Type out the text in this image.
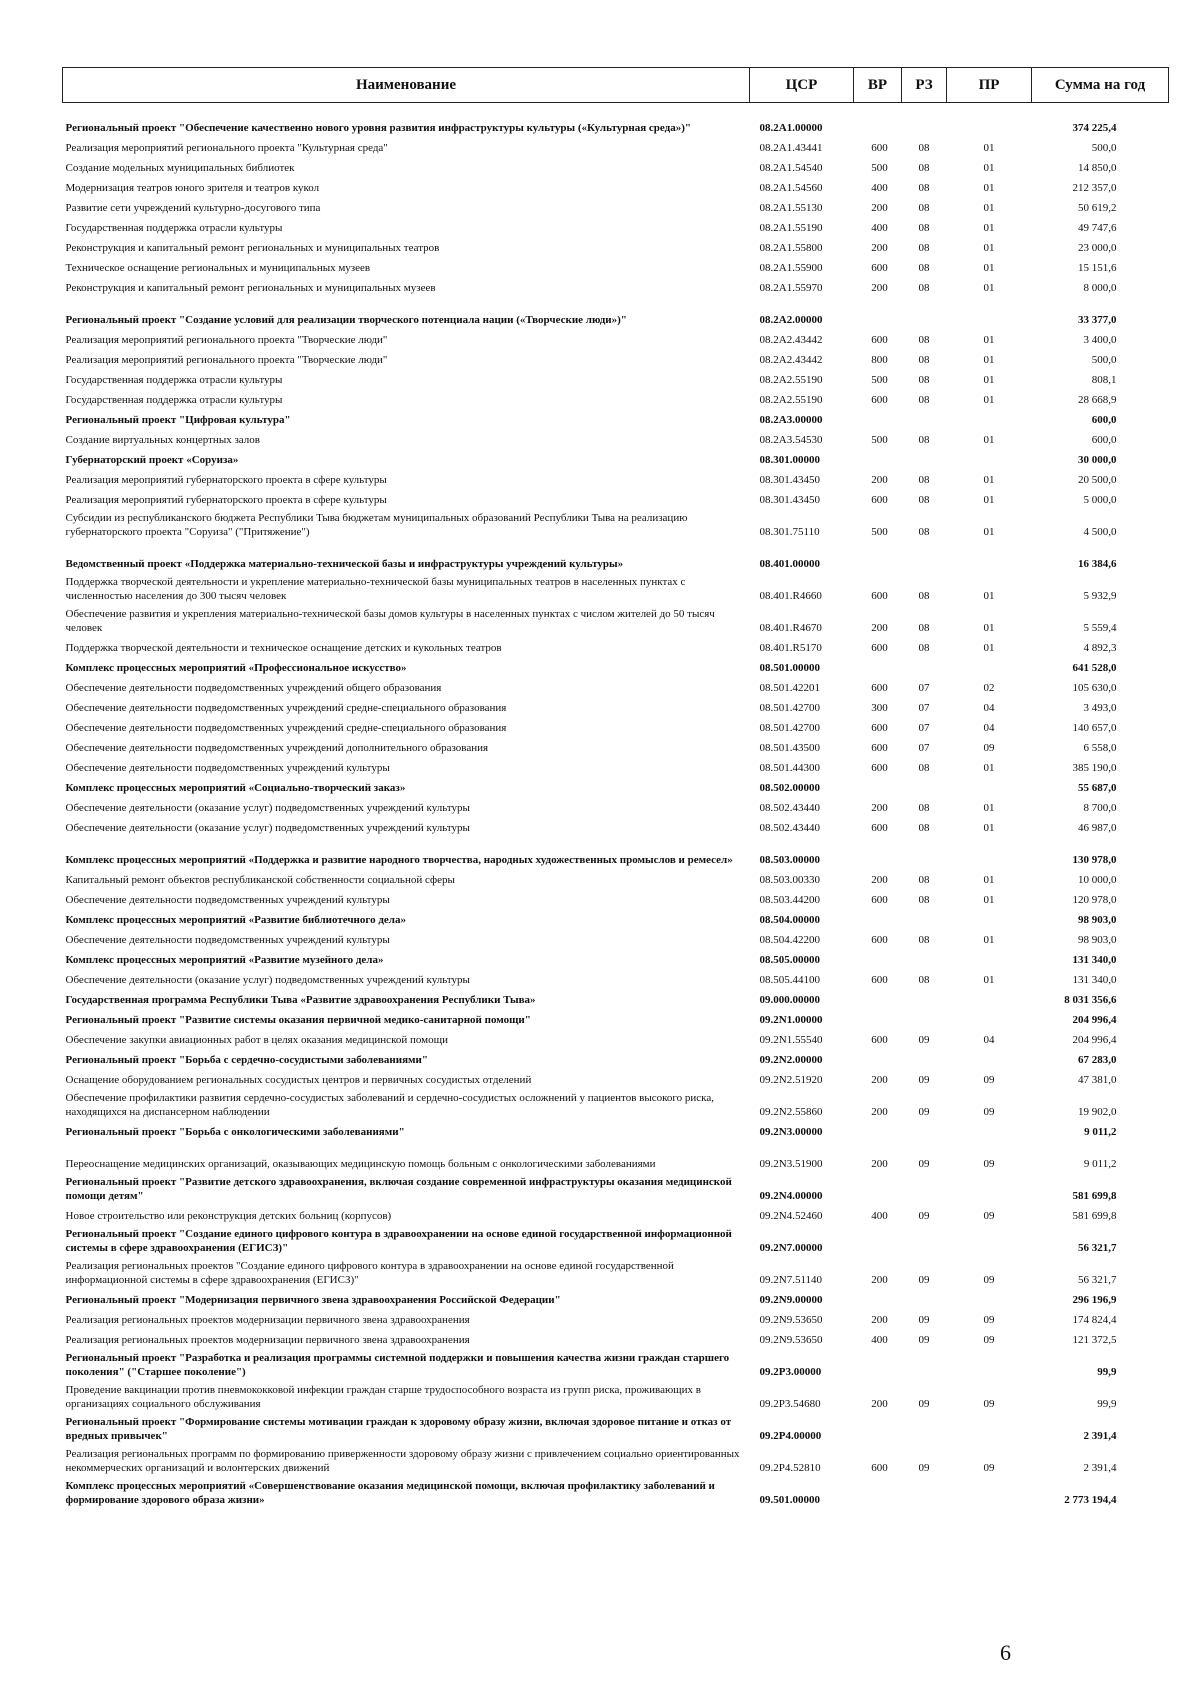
Наименование	ЦСР	ВР	РЗ	ПР	Сумма на год
Региональный проект "Обеспечение качественно нового уровня развития инфраструктуры культуры («Культурная среда»)"	08.2А1.00000				374 225,4
Реализация мероприятий регионального проекта "Культурная среда"	08.2А1.43441	600	08	01	500,0
Создание модельных муниципальных библиотек	08.2А1.54540	500	08	01	14 850,0
Модернизация театров юного зрителя и театров кукол	08.2А1.54560	400	08	01	212 357,0
Развитие сети учреждений культурно-досугового типа	08.2А1.55130	200	08	01	50 619,2
Государственная поддержка отрасли культуры	08.2А1.55190	400	08	01	49 747,6
Реконструкция и капитальный ремонт региональных и муниципальных театров	08.2А1.55800	200	08	01	23 000,0
Техническое оснащение региональных и муниципальных музеев	08.2А1.55900	600	08	01	15 151,6
Реконструкция и капитальный ремонт региональных и муниципальных музеев	08.2А1.55970	200	08	01	8 000,0
Региональный проект "Создание условий для реализации творческого потенциала нации («Творческие люди»)"	08.2А2.00000				33 377,0
Реализация мероприятий регионального проекта "Творческие люди"	08.2А2.43442	600	08	01	3 400,0
Реализация мероприятий регионального проекта "Творческие люди"	08.2А2.43442	800	08	01	500,0
Государственная поддержка отрасли культуры	08.2А2.55190	500	08	01	808,1
Государственная поддержка отрасли культуры	08.2А2.55190	600	08	01	28 668,9
Региональный проект "Цифровая культура"	08.2А3.00000				600,0
Создание виртуальных концертных залов	08.2А3.54530	500	08	01	600,0
Губернаторский проект «Соруиза»	08.301.00000				30 000,0
Реализация мероприятий губернаторского проекта в сфере культуры	08.301.43450	200	08	01	20 500,0
Реализация мероприятий губернаторского проекта в сфере культуры	08.301.43450	600	08	01	5 000,0
Субсидии из республиканского бюджета Республики Тыва бюджетам муниципальных образований Республики Тыва на реализацию губернаторского проекта "Соруиза" ("Притяжение")	08.301.75110	500	08	01	4 500,0
Ведомственный проект «Поддержка материально-технической базы и инфраструктуры учреждений культуры»	08.401.00000				16 384,6
Поддержка творческой деятельности и укрепление материально-технической базы муниципальных театров в населенных пунктах с численностью населения до 300 тысяч человек	08.401.R4660	600	08	01	5 932,9
Обеспечение развития и укрепления материально-технической базы домов культуры в населенных пунктах с числом жителей до 50 тысяч человек	08.401.R4670	200	08	01	5 559,4
Поддержка творческой деятельности и техническое оснащение детских и кукольных театров	08.401.R5170	600	08	01	4 892,3
Комплекс процессных мероприятий «Профессиональное искусство»	08.501.00000				641 528,0
Обеспечение деятельности подведомственных учреждений общего образования	08.501.42201	600	07	02	105 630,0
Обеспечение деятельности подведомственных учреждений средне-специального образования	08.501.42700	300	07	04	3 493,0
Обеспечение деятельности подведомственных учреждений средне-специального образования	08.501.42700	600	07	04	140 657,0
Обеспечение деятельности подведомственных учреждений дополнительного образования	08.501.43500	600	07	09	6 558,0
Обеспечение деятельности подведомственных учреждений культуры	08.501.44300	600	08	01	385 190,0
Комплекс процессных мероприятий «Социально-творческий заказ»	08.502.00000				55 687,0
Обеспечение деятельности (оказание услуг) подведомственных учреждений культуры	08.502.43440	200	08	01	8 700,0
Обеспечение деятельности (оказание услуг) подведомственных учреждений культуры	08.502.43440	600	08	01	46 987,0
Комплекс процессных мероприятий «Поддержка и развитие народного творчества, народных художественных промыслов и ремесел»	08.503.00000				130 978,0
Капитальный ремонт объектов республиканской собственности социальной сферы	08.503.00330	200	08	01	10 000,0
Обеспечение деятельности подведомственных учреждений культуры	08.503.44200	600	08	01	120 978,0
Комплекс процессных мероприятий «Развитие библиотечного дела»	08.504.00000				98 903,0
Обеспечение деятельности подведомственных учреждений культуры	08.504.42200	600	08	01	98 903,0
Комплекс процессных мероприятий «Развитие музейного дела»	08.505.00000				131 340,0
Обеспечение деятельности (оказание услуг) подведомственных учреждений культуры	08.505.44100	600	08	01	131 340,0
Государственная программа Республики Тыва «Развитие здравоохранения Республики Тыва»	09.000.00000				8 031 356,6
Региональный проект "Развитие системы оказания первичной медико-санитарной помощи"	09.2N1.00000				204 996,4
Обеспечение закупки авиационных работ в целях оказания медицинской помощи	09.2N1.55540	600	09	04	204 996,4
Региональный проект "Борьба с сердечно-сосудистыми заболеваниями"	09.2N2.00000				67 283,0
Оснащение оборудованием региональных сосудистых центров и первичных сосудистых отделений	09.2N2.51920	200	09	09	47 381,0
Обеспечение профилактики развития сердечно-сосудистых заболеваний и сердечно-сосудистых осложнений у пациентов высокого риска, находящихся на диспансерном наблюдении	09.2N2.55860	200	09	09	19 902,0
Региональный проект "Борьба с онкологическими заболеваниями"	09.2N3.00000				9 011,2
Переоснащение медицинских организаций, оказывающих медицинскую помощь больным с онкологическими заболеваниями	09.2N3.51900	200	09	09	9 011,2
Региональный проект "Развитие детского здравоохранения, включая создание современной инфраструктуры оказания медицинской помощи детям"	09.2N4.00000				581 699,8
Новое строительство или реконструкция детских больниц (корпусов)	09.2N4.52460	400	09	09	581 699,8
Региональный проект "Создание единого цифрового контура в здравоохранении на основе единой государственной информационной системы в сфере здравоохранения (ЕГИСЗ)"	09.2N7.00000				56 321,7
Реализация региональных проектов "Создание единого цифрового контура в здравоохранении на основе единой государственной информационной системы в сфере здравоохранения (ЕГИСЗ)"	09.2N7.51140	200	09	09	56 321,7
Региональный проект "Модернизация первичного звена здравоохранения Российской Федерации"	09.2N9.00000				296 196,9
Реализация региональных проектов модернизации первичного звена здравоохранения	09.2N9.53650	200	09	09	174 824,4
Реализация региональных проектов модернизации первичного звена здравоохранения	09.2N9.53650	400	09	09	121 372,5
Региональный проект "Разработка и реализация программы системной поддержки и повышения качества жизни граждан старшего поколения" ("Старшее поколение")	09.2Р3.00000				99,9
Проведение вакцинации против пневмококковой инфекции граждан старше трудоспособного возраста из групп риска, проживающих в организациях социального обслуживания	09.2Р3.54680	200	09	09	99,9
Региональный проект "Формирование системы мотивации граждан к здоровому образу жизни, включая здоровое питание и отказ от вредных привычек"	09.2Р4.00000				2 391,4
Реализация региональных программ по формированию приверженности здоровому образу жизни с привлечением социально ориентированных некоммерческих организаций и волонтерских движений	09.2Р4.52810	600	09	09	2 391,4
Комплекс процессных мероприятий «Совершенствование оказания медицинской помощи, включая профилактику заболеваний и формирование здорового образа жизни»	09.501.00000				2 773 194,4
6
